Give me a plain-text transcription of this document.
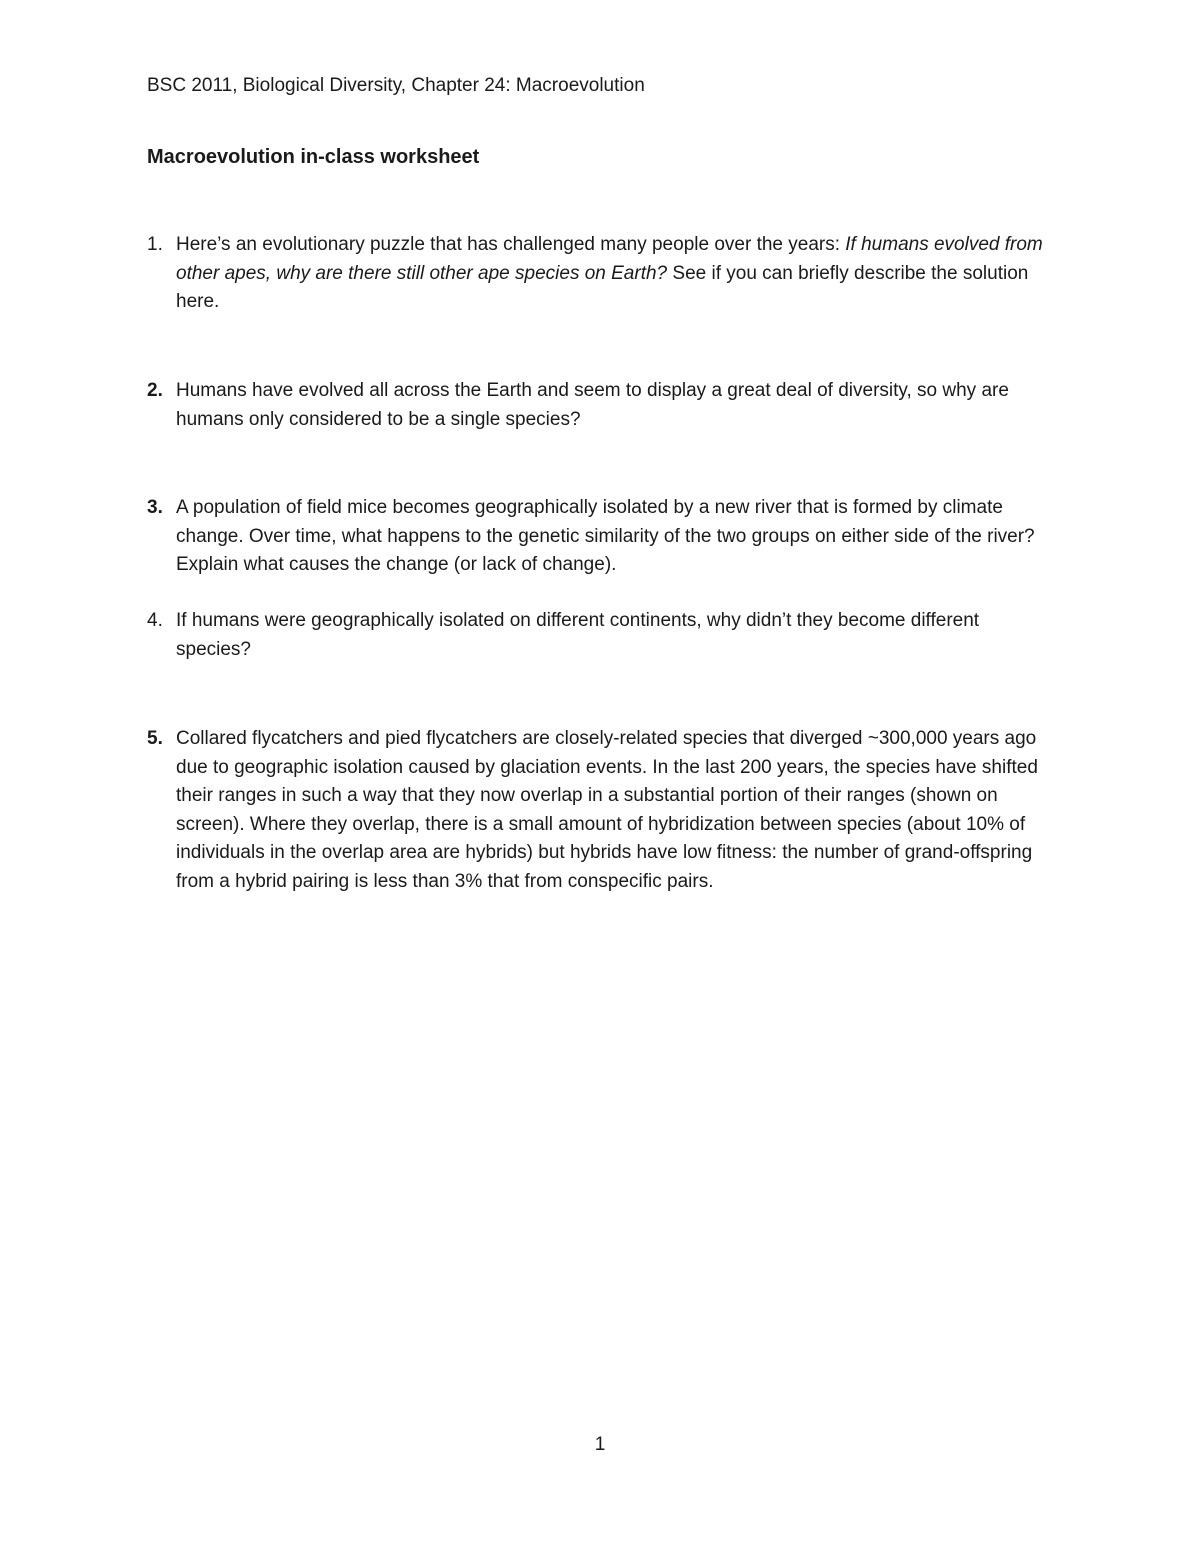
BSC 2011, Biological Diversity, Chapter 24: Macroevolution
Macroevolution in-class worksheet
1. Here’s an evolutionary puzzle that has challenged many people over the years: If humans evolved from other apes, why are there still other ape species on Earth? See if you can briefly describe the solution here.
2. Humans have evolved all across the Earth and seem to display a great deal of diversity, so why are humans only considered to be a single species?
3. A population of field mice becomes geographically isolated by a new river that is formed by climate change. Over time, what happens to the genetic similarity of the two groups on either side of the river? Explain what causes the change (or lack of change).
4. If humans were geographically isolated on different continents, why didn’t they become different species?
5. Collared flycatchers and pied flycatchers are closely-related species that diverged ~300,000 years ago due to geographic isolation caused by glaciation events. In the last 200 years, the species have shifted their ranges in such a way that they now overlap in a substantial portion of their ranges (shown on screen). Where they overlap, there is a small amount of hybridization between species (about 10% of individuals in the overlap area are hybrids) but hybrids have low fitness: the number of grand-offspring from a hybrid pairing is less than 3% that from conspecific pairs.
1
